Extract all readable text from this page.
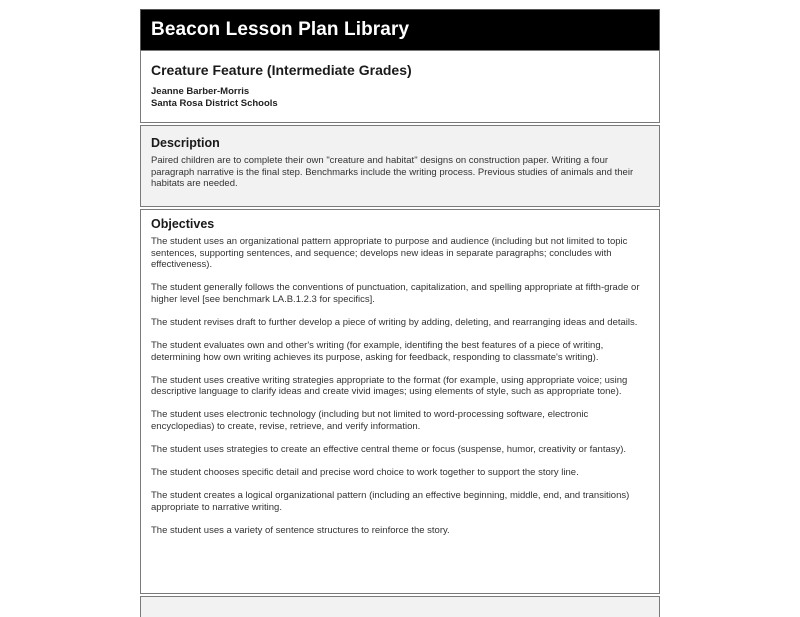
Beacon Lesson Plan Library
Creature Feature (Intermediate Grades)
Jeanne Barber-Morris
Santa Rosa District Schools
Description

Paired children are to complete their own "creature and habitat" designs on construction paper. Writing a four paragraph narrative is the final step. Benchmarks include the writing process. Previous studies of animals and their habitats are needed.

Objectives

The student uses an organizational pattern appropriate to purpose and audience (including but not limited to topic sentences, supporting sentences, and sequence; develops new ideas in separate paragraphs; concludes with effectiveness).

The student generally follows the conventions of punctuation, capitalization, and spelling appropriate at fifth-grade or higher level [see benchmark LA.B.1.2.3 for specifics].

The student revises draft to further develop a piece of writing by adding, deleting, and rearranging ideas and details.

The student evaluates own and other's writing (for example, identifing the best features of a piece of writing, determining how own writing achieves its purpose, asking for feedback, responding to classmate's writing).

The student uses creative writing strategies appropriate to the format (for example, using appropriate voice; using descriptive language to clarify ideas and create vivid images; using elements of style, such as appropriate tone).

The student uses electronic technology (including but not limited to word-processing software, electronic encyclopedias) to create, revise, retrieve, and verify information.

The student uses strategies to create an effective central theme or focus (suspense, humor, creativity or fantasy).

The student chooses specific detail and precise word choice to work together to support the story line.

The student creates a logical organizational pattern (including an effective beginning, middle, end, and transitions) appropriate to narrative writing.

The student uses a variety of sentence structures to reinforce the story.
